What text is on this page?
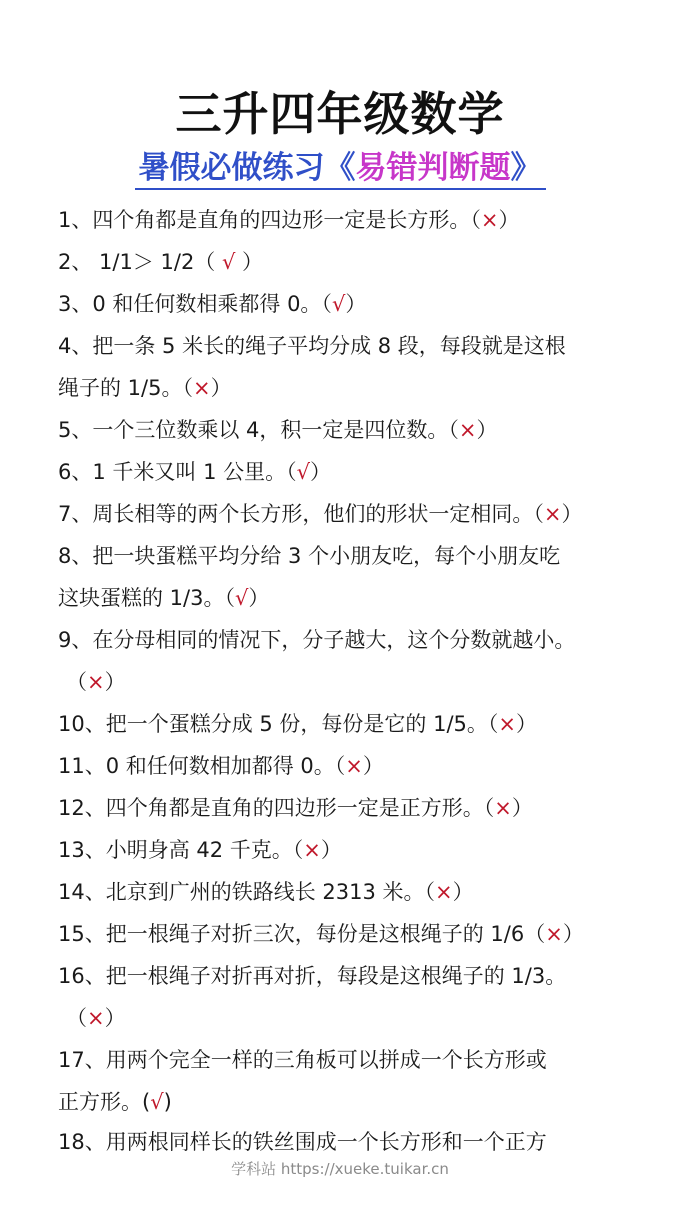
三升四年级数学
暑假必做练习《易错判断题》
1、四个角都是直角的四边形一定是长方形。（×）
2、 1/1＞ 1/2（ √ ）
3、0 和任何数相乘都得 0。（√）
4、把一条 5 米长的绳子平均分成 8 段，每段就是这根
绳子的 1/5。（×）
5、一个三位数乘以 4，积一定是四位数。（×）
6、1 千米又叫 1 公里。（√）
7、周长相等的两个长方形，他们的形状一定相同。（×）
8、把一块蛋糕平均分给 3 个小朋友吃，每个小朋友吃
这块蛋糕的 1/3。（√）
9、在分母相同的情况下，分子越大，这个分数就越小。
（×）
10、把一个蛋糕分成 5 份，每份是它的 1/5。（×）
11、0 和任何数相加都得 0。（×）
12、四个角都是直角的四边形一定是正方形。（×）
13、小明身高 42 千克。（×）
14、北京到广州的铁路线长 2313 米。（×）
15、把一根绳子对折三次，每份是这根绳子的 1/6（×）
16、把一根绳子对折再对折，每段是这根绳子的 1/3。
（×）
17、用两个完全一样的三角板可以拼成一个长方形或
正方形。(√)
18、用两根同样长的铁丝围成一个长方形和一个正方
学科站 https://xueke.tuikar.cn
